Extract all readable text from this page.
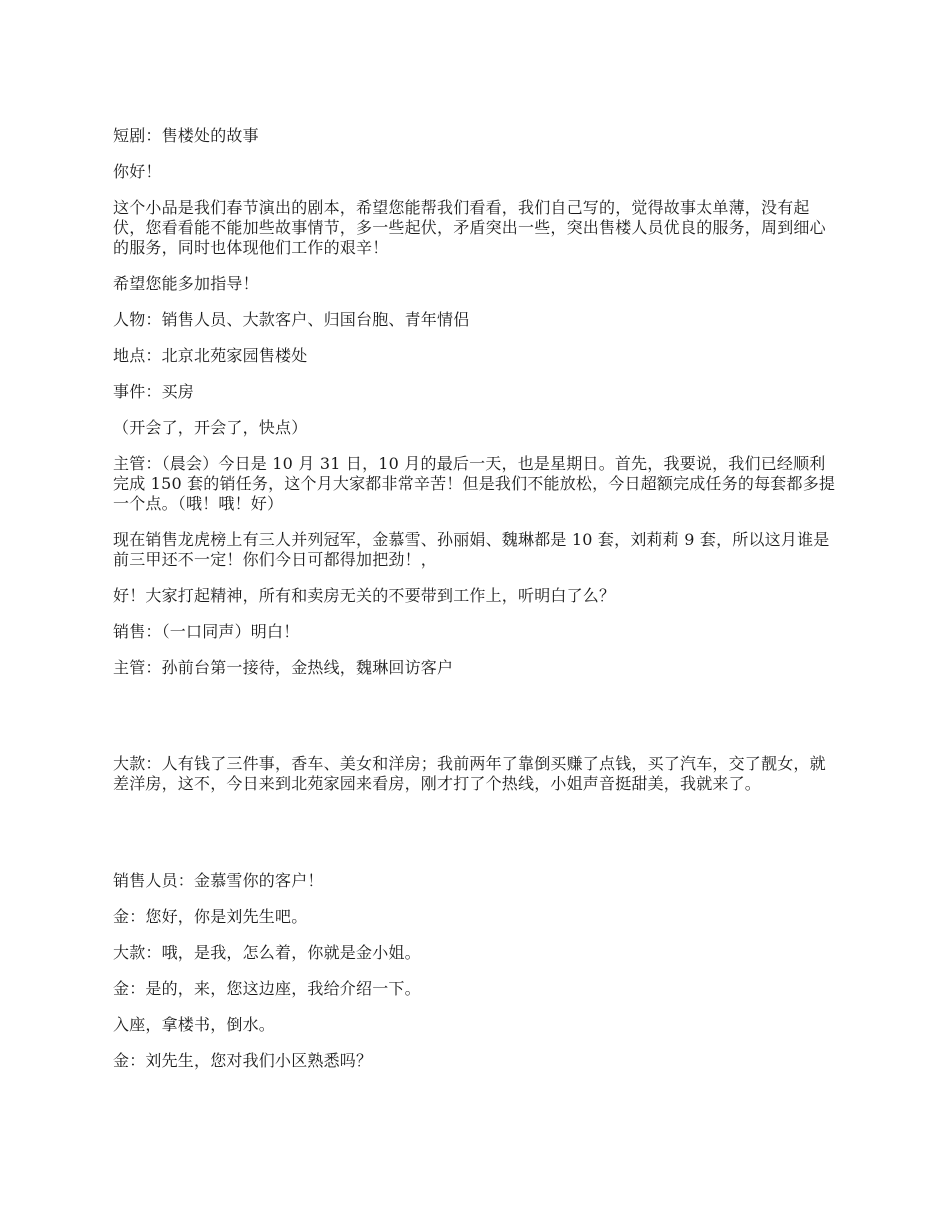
短剧：售楼处的故事

你好！

这个小品是我们春节演出的剧本，希望您能帮我们看看，我们自己写的，觉得故事太单薄，没有起伏，您看看能不能加些故事情节，多一些起伏，矛盾突出一些，突出售楼人员优良的服务，周到细心的服务，同时也体现他们工作的艰辛！

希望您能多加指导！

人物：销售人员、大款客户、归国台胞、青年情侣

地点：北京北苑家园售楼处

事件：买房

（开会了，开会了，快点）

主管：（晨会）今日是 10 月 31 日，10 月的最后一天，也是星期日。首先，我要说，我们已经顺利完成 150 套的销任务，这个月大家都非常辛苦！但是我们不能放松，今日超额完成任务的每套都多提一个点。（哦！哦！好）

现在销售龙虎榜上有三人并列冠军，金慕雪、孙丽娟、魏琳都是 10 套，刘莉莉 9 套，所以这月谁是前三甲还不一定！你们今日可都得加把劲！，

好！大家打起精神，所有和卖房无关的不要带到工作上，听明白了么？

销售：（一口同声）明白！

主管：孙前台第一接待，金热线，魏琳回访客户

大款：人有钱了三件事，香车、美女和洋房；我前两年了靠倒买赚了点钱，买了汽车，交了靓女，就差洋房，这不，今日来到北苑家园来看房，刚才打了个热线，小姐声音挺甜美，我就来了。

销售人员：金慕雪你的客户！

金：您好，你是刘先生吧。

大款：哦，是我，怎么着，你就是金小姐。

金：是的，来，您这边座，我给介绍一下。

入座，拿楼书，倒水。

金：刘先生，您对我们小区熟悉吗？
